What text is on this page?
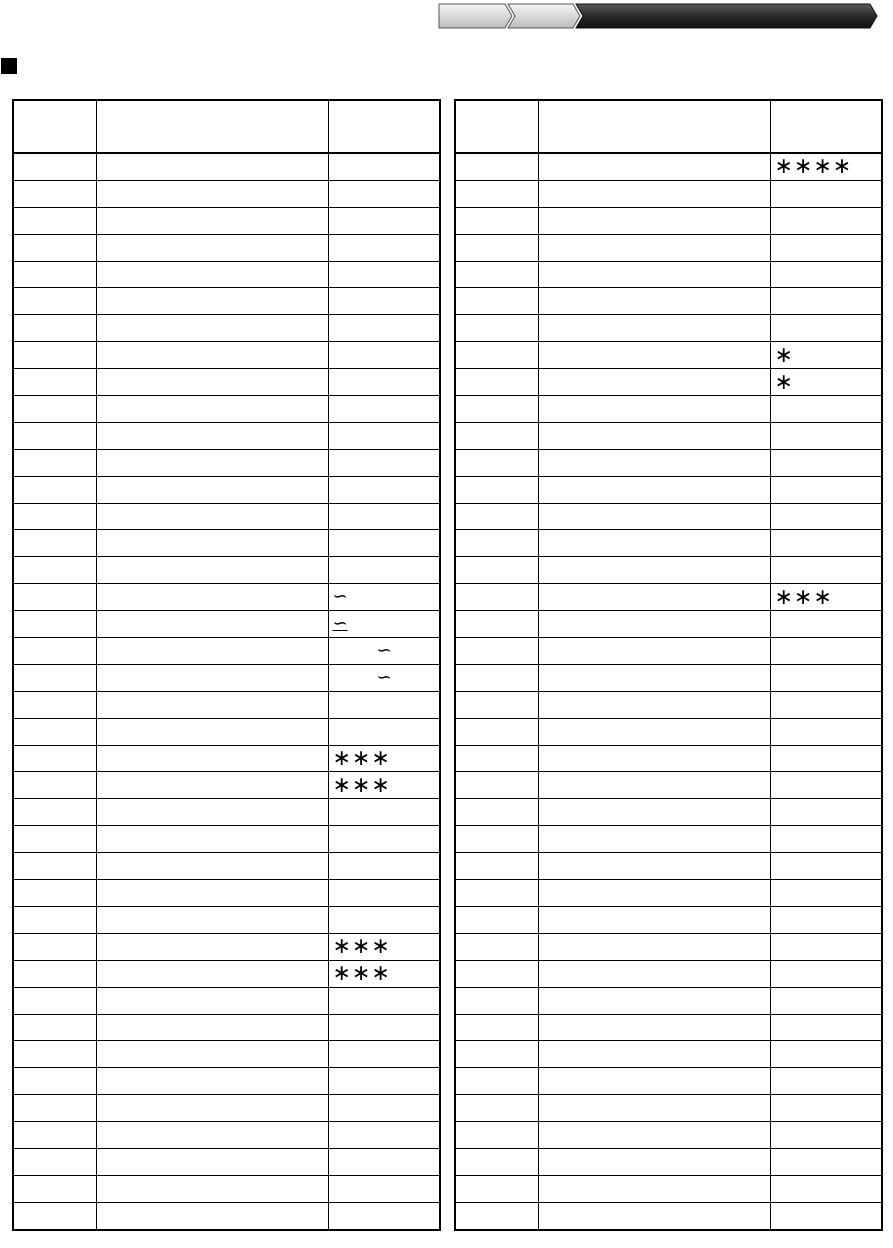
		∽
		∽
		∽
		∽

		∗∗∗
		∗∗∗

		∗∗∗
		∗∗∗

		∗∗∗∗

		∗
		∗

		∗∗∗
